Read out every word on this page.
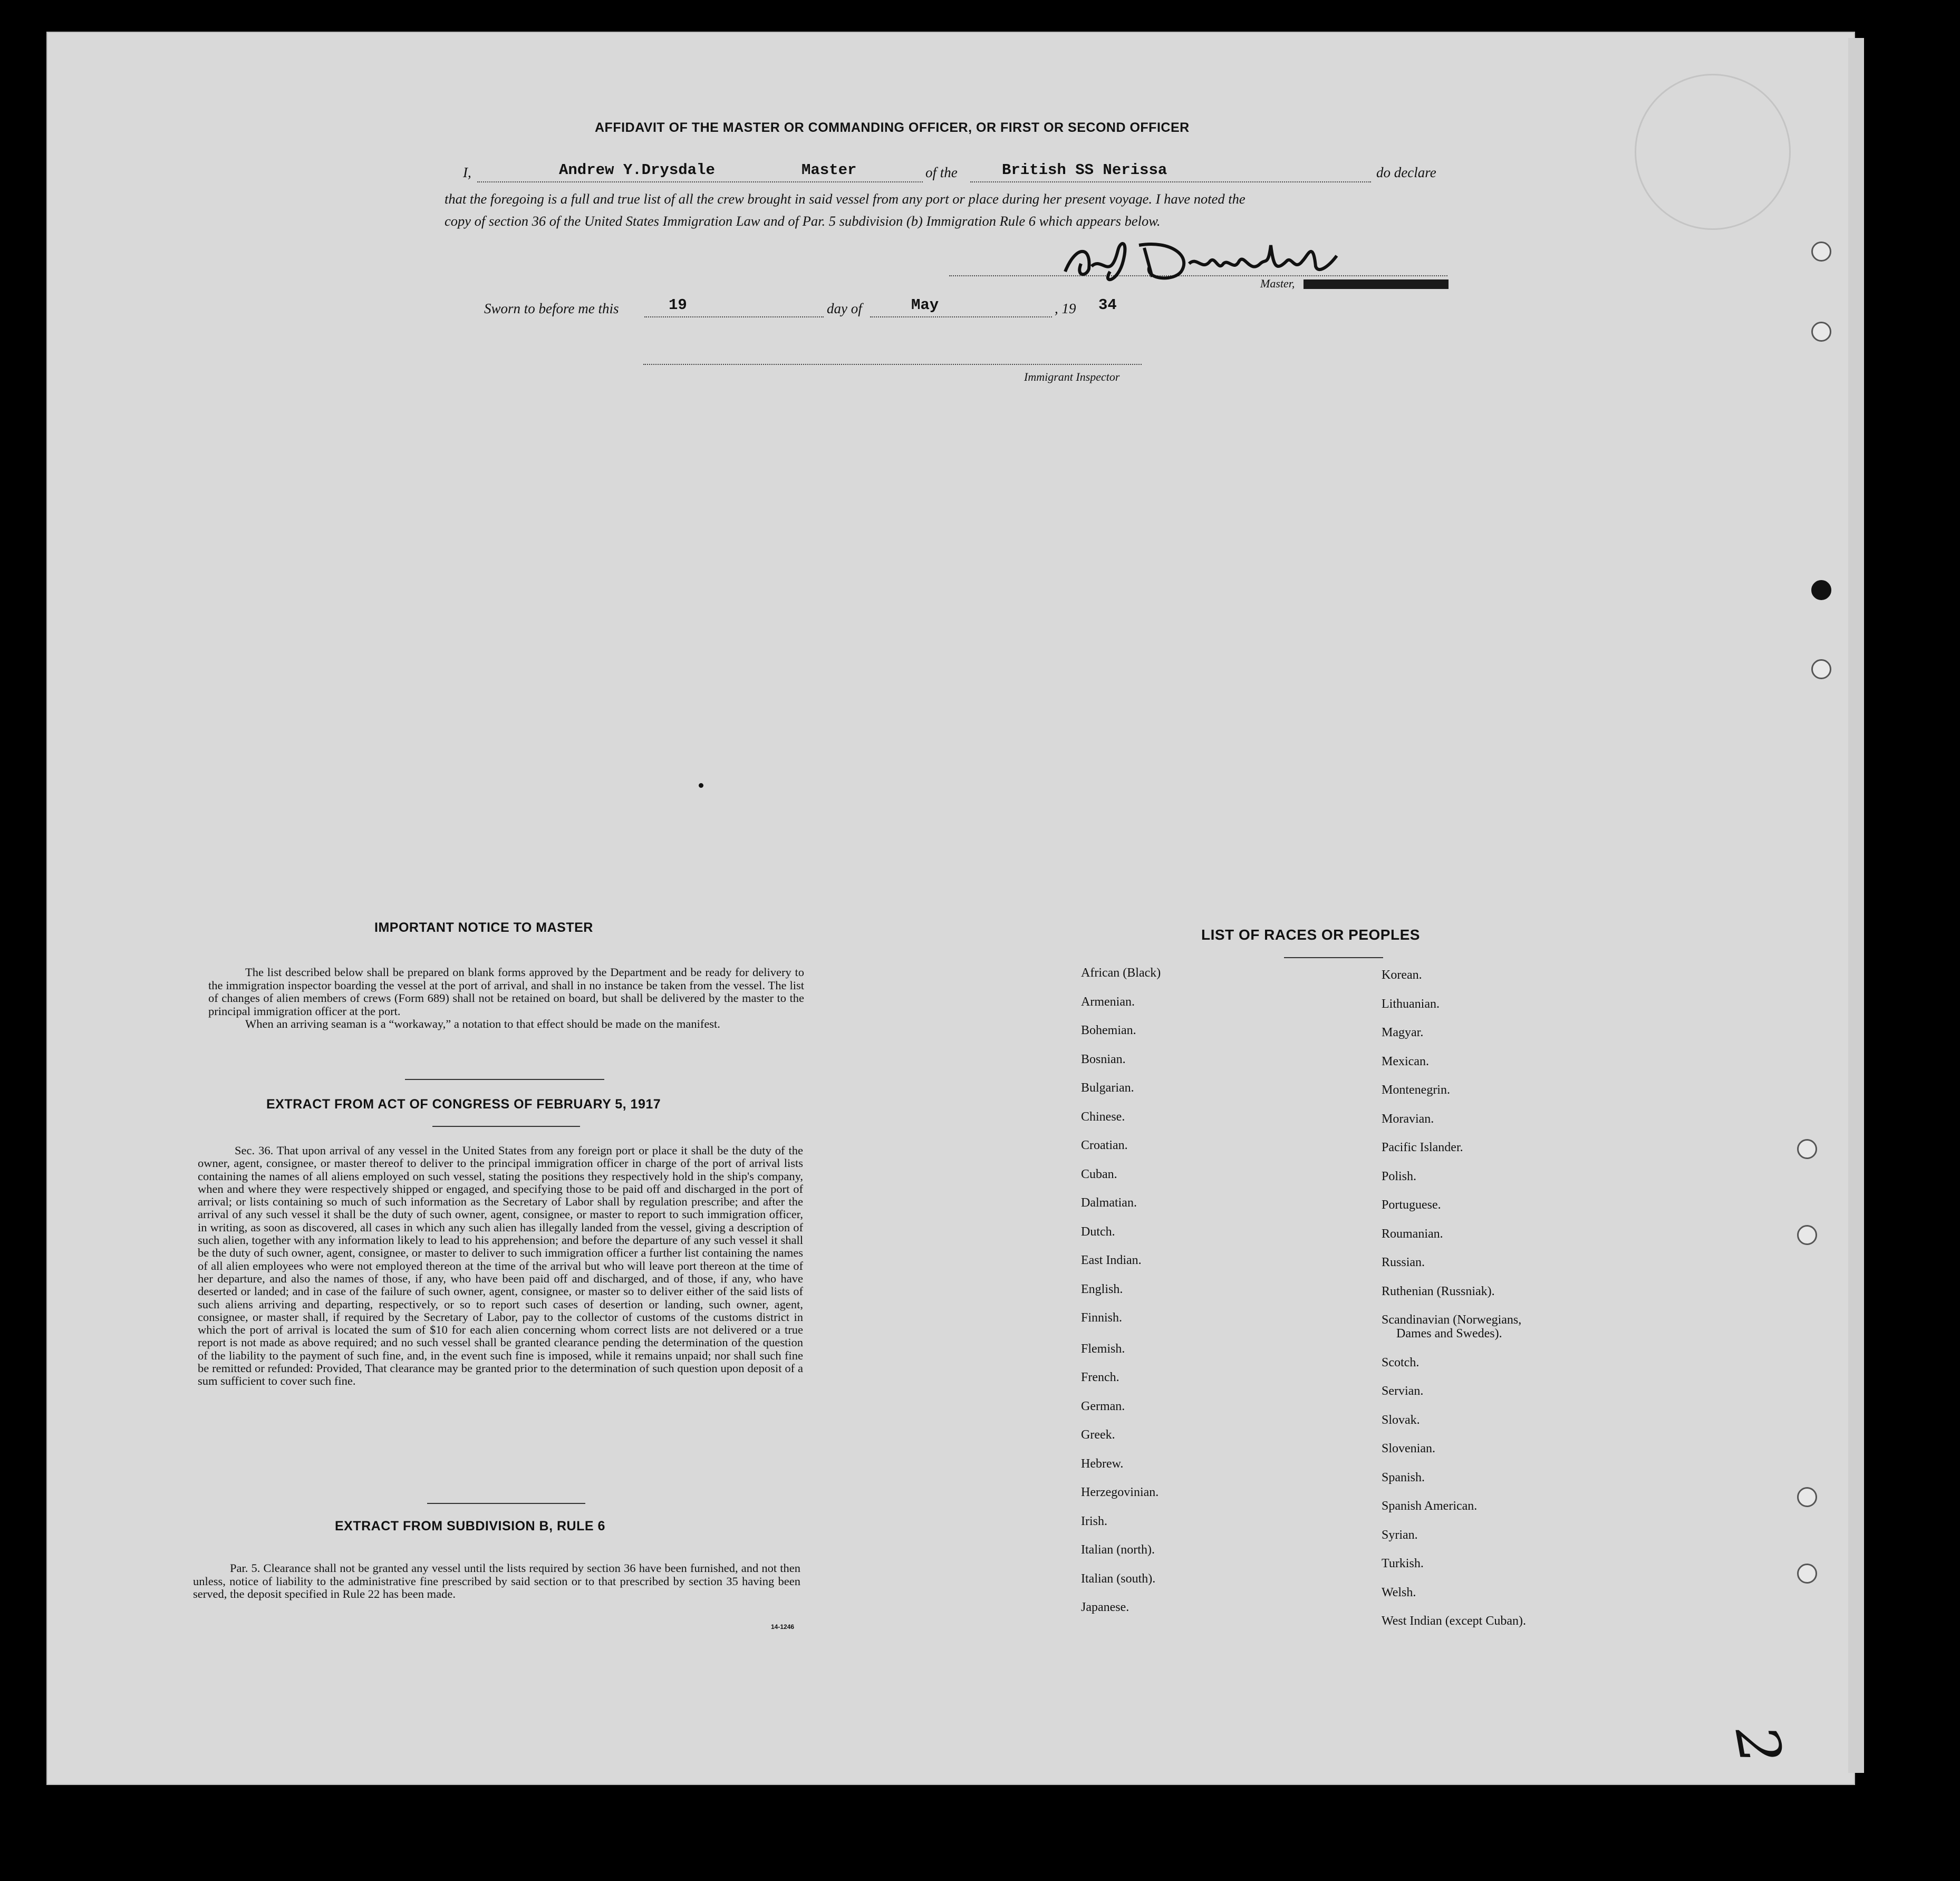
AFFIDAVIT OF THE MASTER OR COMMANDING OFFICER, OR FIRST OR SECOND OFFICER
I,	Andrew Y.Drysdale	Master	of the	British SS Nerissa	do declare
that the foregoing is a full and true list of all the crew brought in said vessel from any port or place during her present voyage. I have noted the
copy of section 36 of the United States Immigration Law and of Par. 5 subdivision (b) Immigration Rule 6 which appears below.
Master,
Sworn to before me this	19	day of	May	, 19 34
Immigrant Inspector
IMPORTANT NOTICE TO MASTER

The list described below shall be prepared on blank forms approved by the Department and be ready for delivery to the immigration inspector boarding the vessel at the port of arrival, and shall in no instance be taken from the vessel. The list of changes of alien members of crews (Form 689) shall not be retained on board, but shall be delivered by the master to the principal immigration officer at the port.

When an arriving seaman is a “workaway,” a notation to that effect should be made on the manifest.

EXTRACT FROM ACT OF CONGRESS OF FEBRUARY 5, 1917

Sec. 36. That upon arrival of any vessel in the United States from any foreign port or place it shall be the duty of the owner, agent, consignee, or master thereof to deliver to the principal immigration officer in charge of the port of arrival lists containing the names of all aliens employed on such vessel, stating the positions they respectively hold in the ship's company, when and where they were respectively shipped or engaged, and specifying those to be paid off and discharged in the port of arrival; or lists containing so much of such information as the Secretary of Labor shall by regulation prescribe; and after the arrival of any such vessel it shall be the duty of such owner, agent, consignee, or master to report to such immigration officer, in writing, as soon as discovered, all cases in which any such alien has illegally landed from the vessel, giving a description of such alien, together with any information likely to lead to his apprehension; and before the departure of any such vessel it shall be the duty of such owner, agent, consignee, or master to deliver to such immigration officer a further list containing the names of all alien employees who were not employed thereon at the time of the arrival but who will leave port thereon at the time of her departure, and also the names of those, if any, who have been paid off and discharged, and of those, if any, who have deserted or landed; and in case of the failure of such owner, agent, consignee, or master so to deliver either of the said lists of such aliens arriving and departing, respectively, or so to report such cases of desertion or landing, such owner, agent, consignee, or master shall, if required by the Secretary of Labor, pay to the collector of customs of the customs district in which the port of arrival is located the sum of $10 for each alien concerning whom correct lists are not delivered or a true report is not made as above required; and no such vessel shall be granted clearance pending the determination of the question of the liability to the payment of such fine, and, in the event such fine is imposed, while it remains unpaid; nor shall such fine be remitted or refunded: Provided, That clearance may be granted prior to the determination of such question upon deposit of a sum sufficient to cover such fine.

EXTRACT FROM SUBDIVISION B, RULE 6

Par. 5. Clearance shall not be granted any vessel until the lists required by section 36 have been furnished, and not then unless, notice of liability to the administrative fine prescribed by said section or to that prescribed by section 35 having been served, the deposit specified in Rule 22 has been made.

14-1246
LIST OF RACES OR PEOPLES
African (Black)
Armenian.
Bohemian.
Bosnian.
Bulgarian.
Chinese.
Croatian.
Cuban.
Dalmatian.
Dutch.
East Indian.
English.
Finnish.
Flemish.
French.
German.
Greek.
Hebrew.
Herzegovinian.
Irish.
Italian (north).
Italian (south).
Japanese.
Korean.
Lithuanian.
Magyar.
Mexican.
Montenegrin.
Moravian.
Pacific Islander.
Polish.
Portuguese.
Roumanian.
Russian.
Ruthenian (Russniak).
Scandinavian (Norwegians,
Dames and Swedes).
Scotch.
Servian.
Slovak.
Slovenian.
Spanish.
Spanish American.
Syrian.
Turkish.
Welsh.
West Indian (except Cuban).
2
